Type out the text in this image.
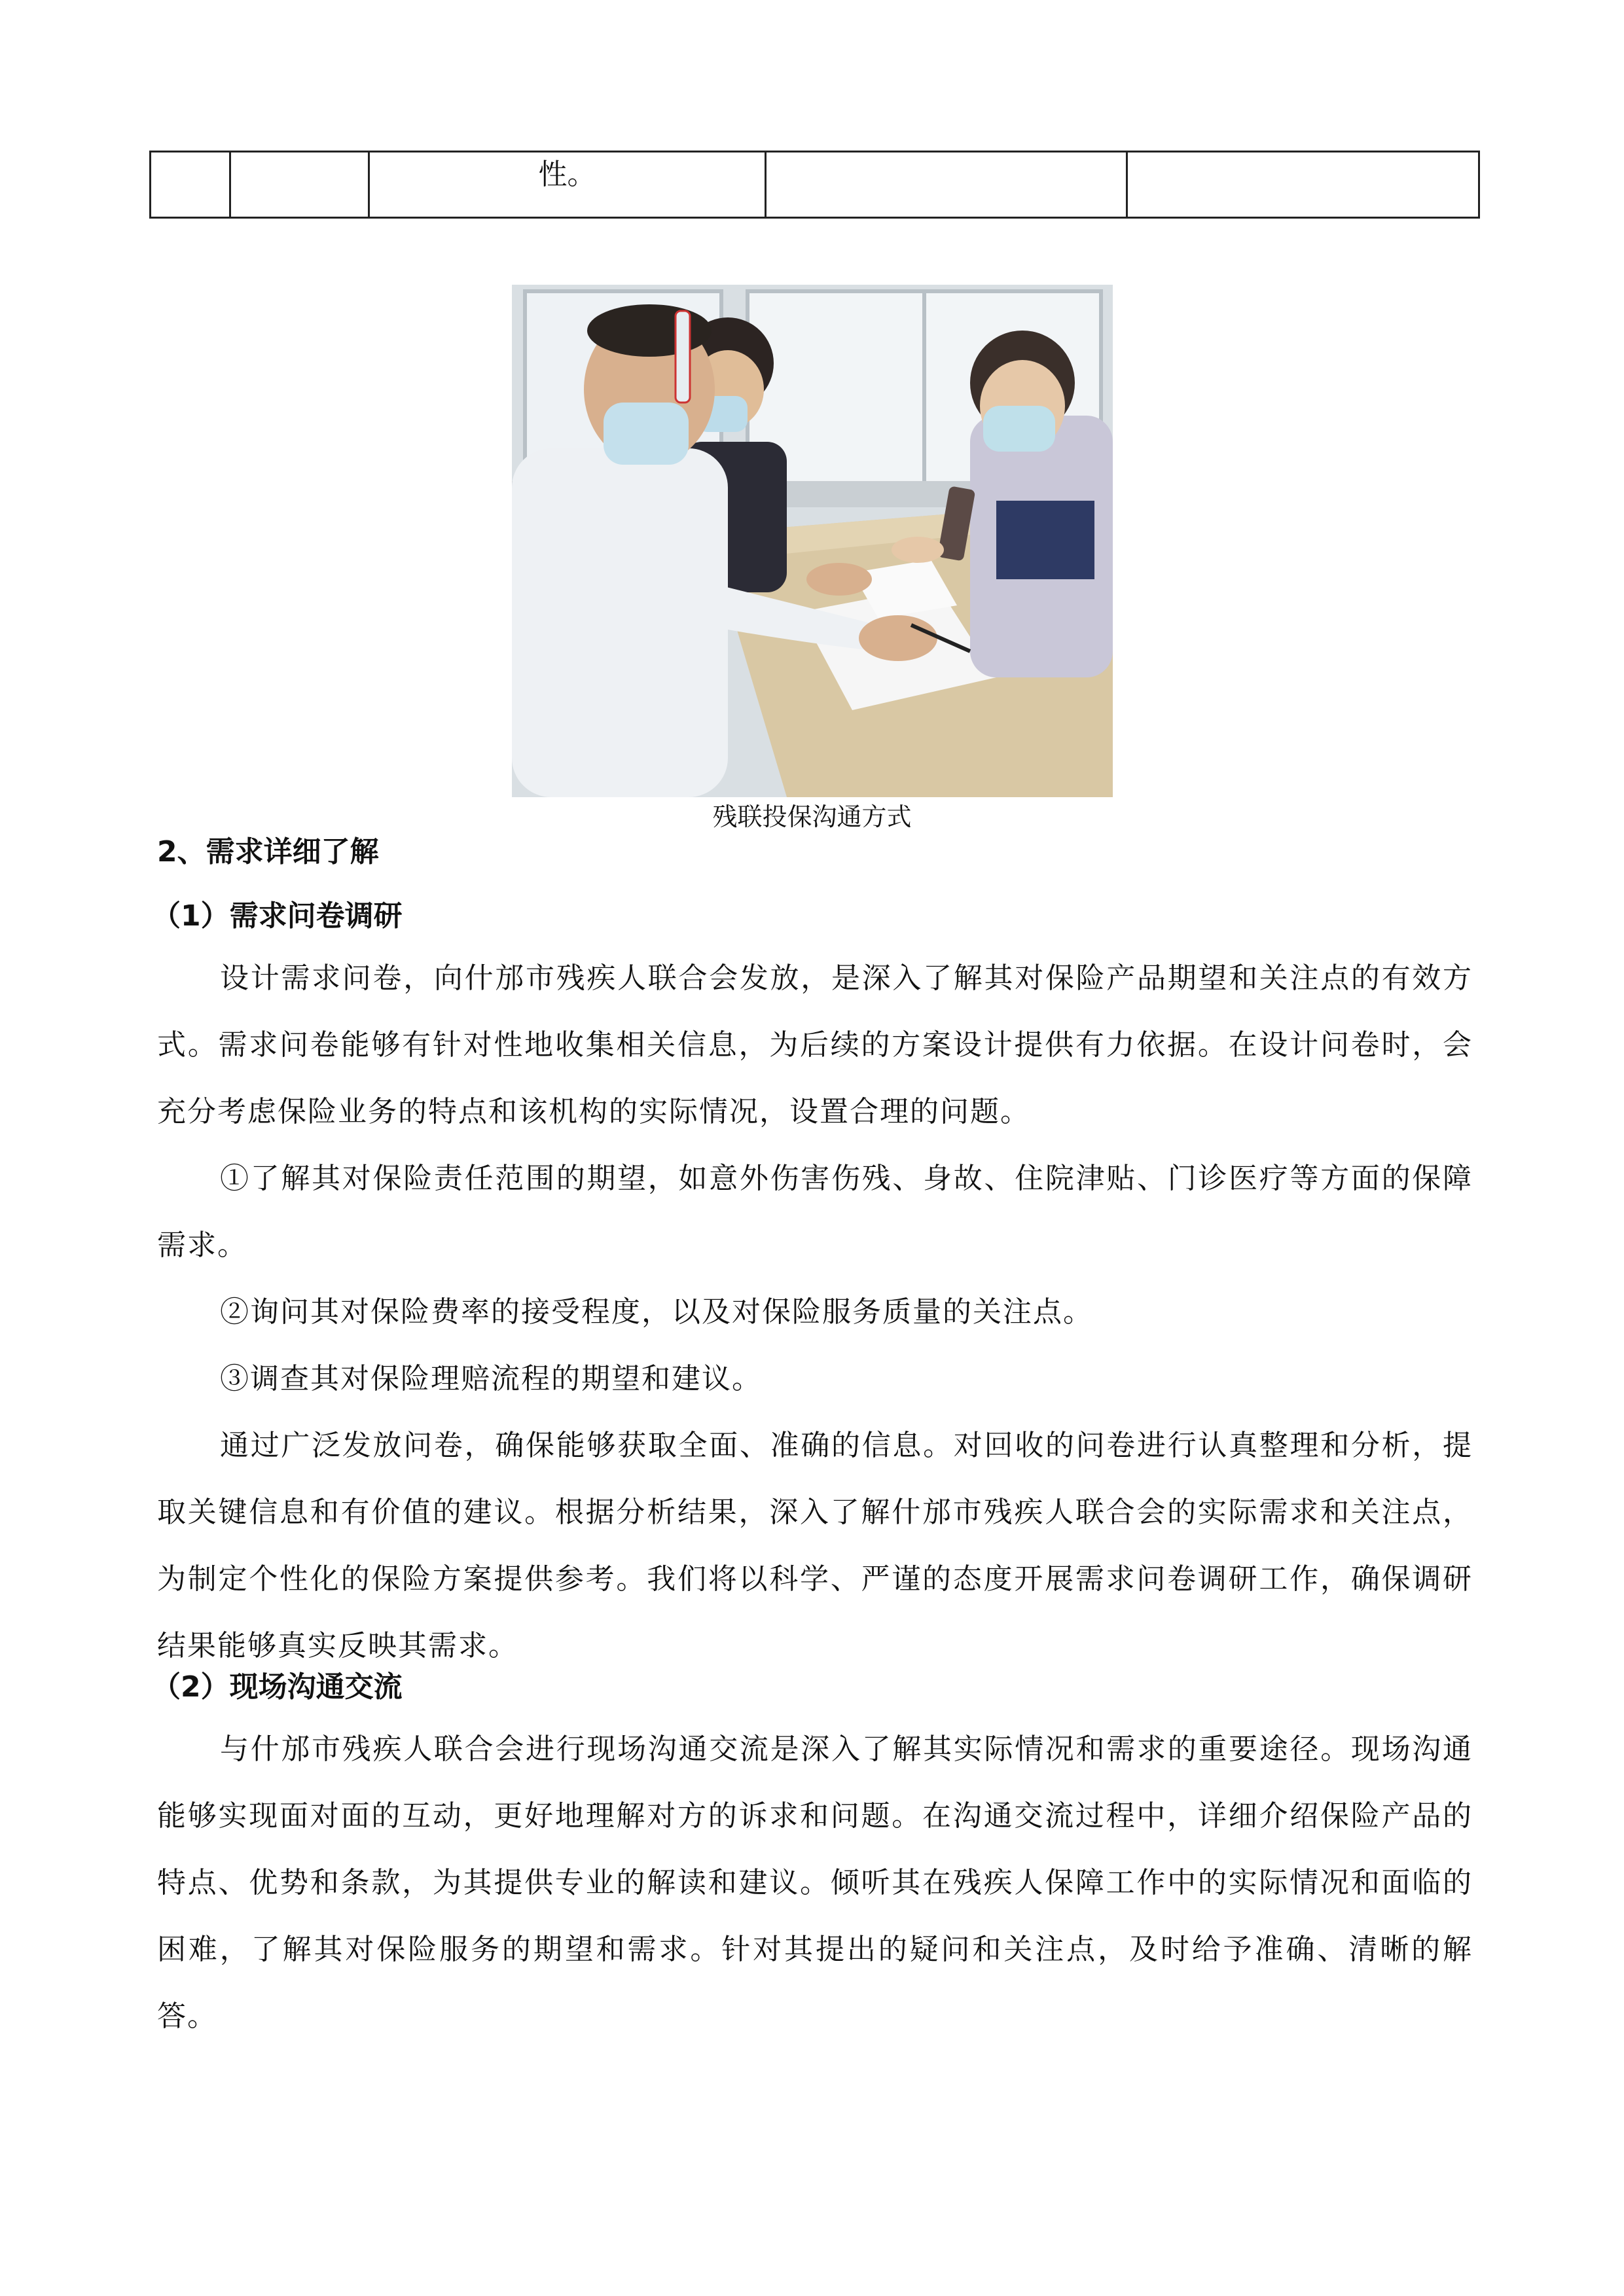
性。

残联投保沟通方式
2、需求详细了解
（1）需求问卷调研

设计需求问卷，向什邡市残疾人联合会发放，是深入了解其对保险产品期望和关注点的有效方式。需求问卷能够有针对性地收集相关信息，为后续的方案设计提供有力依据。在设计问卷时，会充分考虑保险业务的特点和该机构的实际情况，设置合理的问题。

①了解其对保险责任范围的期望，如意外伤害伤残、身故、住院津贴、门诊医疗等方面的保障需求。

②询问其对保险费率的接受程度，以及对保险服务质量的关注点。

③调查其对保险理赔流程的期望和建议。

通过广泛发放问卷，确保能够获取全面、准确的信息。对回收的问卷进行认真整理和分析，提取关键信息和有价值的建议。根据分析结果，深入了解什邡市残疾人联合会的实际需求和关注点，为制定个性化的保险方案提供参考。我们将以科学、严谨的态度开展需求问卷调研工作，确保调研结果能够真实反映其需求。

（2）现场沟通交流

与什邡市残疾人联合会进行现场沟通交流是深入了解其实际情况和需求的重要途径。现场沟通能够实现面对面的互动，更好地理解对方的诉求和问题。在沟通交流过程中，详细介绍保险产品的特点、优势和条款，为其提供专业的解读和建议。倾听其在残疾人保障工作中的实际情况和面临的困难，了解其对保险服务的期望和需求。针对其提出的疑问和关注点，及时给予准确、清晰的解答。
